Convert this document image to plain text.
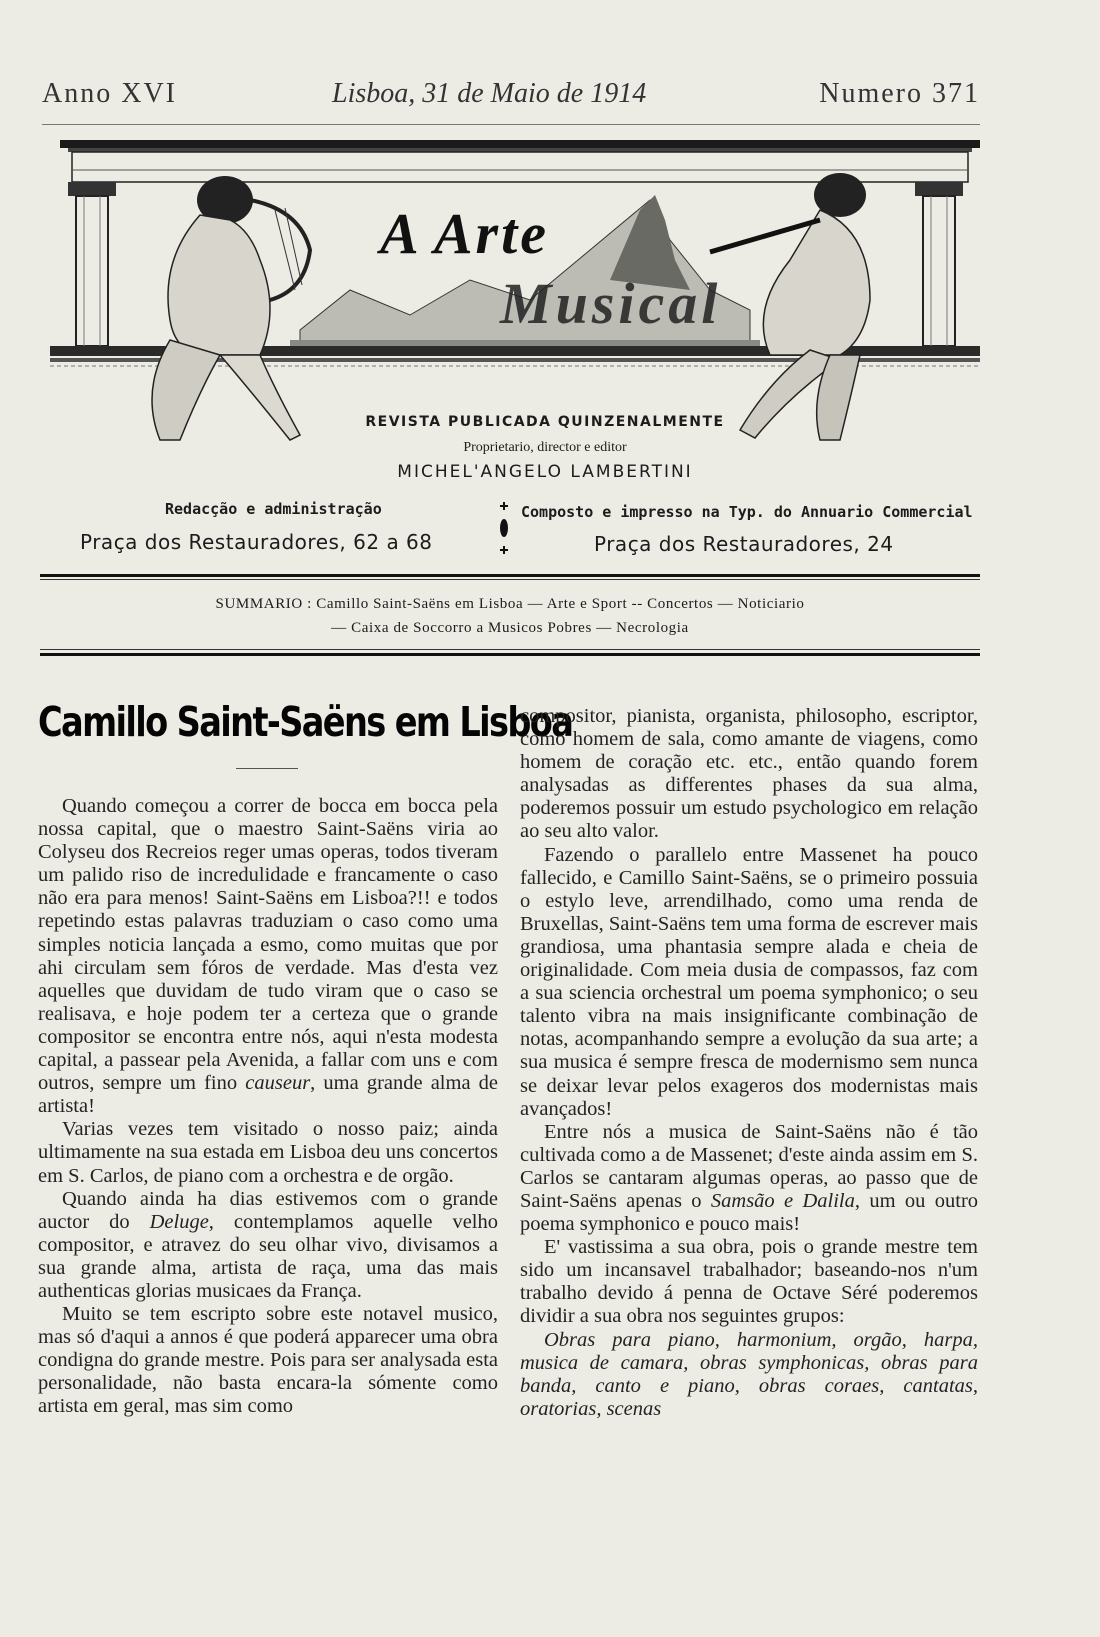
Anno XVI	Lisboa, 31 de Maio de 1914	Numero 371
A Arte
Musical
REVISTA PUBLICADA QUINZENALMENTE
Proprietario, director e editor
MICHEL'ANGELO LAMBERTINI
Redacção e administração
Praça dos Restauradores, 62 a 68
Composto e impresso na Typ. do Annuario Commercial
Praça dos Restauradores, 24
SUMMARIO : Camillo Saint-Saëns em Lisboa — Arte e Sport -- Concertos — Noticiario
— Caixa de Soccorro a Musicos Pobres — Necrologia
Camillo Saint-Saëns em Lisboa

Quando começou a correr de bocca em bocca pela nossa capital, que o maestro Saint-Saëns viria ao Colyseu dos Recreios reger umas operas, todos tiveram um palido riso de incredulidade e francamente o caso não era para menos! Saint-Saëns em Lisboa?!! e todos repetindo estas palavras traduziam o caso como uma simples noticia lançada a esmo, como muitas que por ahi circulam sem fóros de verdade. Mas d'esta vez aquelles que duvidam de tudo viram que o caso se realisava, e hoje podem ter a certeza que o grande compositor se encontra entre nós, aqui n'esta modesta capital, a passear pela Avenida, a fallar com uns e com outros, sempre um fino causeur, uma grande alma de artista!

Varias vezes tem visitado o nosso paiz; ainda ultimamente na sua estada em Lisboa deu uns concertos em S. Carlos, de piano com a orchestra e de orgão.

Quando ainda ha dias estivemos com o grande auctor do Deluge, contemplamos aquelle velho compositor, e atravez do seu olhar vivo, divisamos a sua grande alma, artista de raça, uma das mais authenticas glorias musicaes da França.

Muito se tem escripto sobre este notavel musico, mas só d'aqui a annos é que poderá apparecer uma obra condigna do grande mestre. Pois para ser analysada esta personalidade, não basta encara-la sómente como artista em geral, mas sim como

compositor, pianista, organista, philosopho, escriptor, como homem de sala, como amante de viagens, como homem de coração etc. etc., então quando forem analysadas as differentes phases da sua alma, poderemos possuir um estudo psychologico em relação ao seu alto valor.

Fazendo o parallelo entre Massenet ha pouco fallecido, e Camillo Saint-Saëns, se o primeiro possuia o estylo leve, arrendilhado, como uma renda de Bruxellas, Saint-Saëns tem uma forma de escrever mais grandiosa, uma phantasia sempre alada e cheia de originalidade. Com meia dusia de compassos, faz com a sua sciencia orchestral um poema symphonico; o seu talento vibra na mais insignificante combinação de notas, acompanhando sempre a evolução da sua arte; a sua musica é sempre fresca de modernismo sem nunca se deixar levar pelos exageros dos modernistas mais avançados!

Entre nós a musica de Saint-Saëns não é tão cultivada como a de Massenet; d'este ainda assim em S. Carlos se cantaram algumas operas, ao passo que de Saint-Saëns apenas o Samsão e Dalila, um ou outro poema symphonico e pouco mais!

E' vastissima a sua obra, pois o grande mestre tem sido um incansavel trabalhador; baseando-nos n'um trabalho devido á penna de Octave Séré poderemos dividir a sua obra nos seguintes grupos:

Obras para piano, harmonium, orgão, harpa, musica de camara, obras symphonicas, obras para banda, canto e piano, obras coraes, cantatas, oratorias, scenas
